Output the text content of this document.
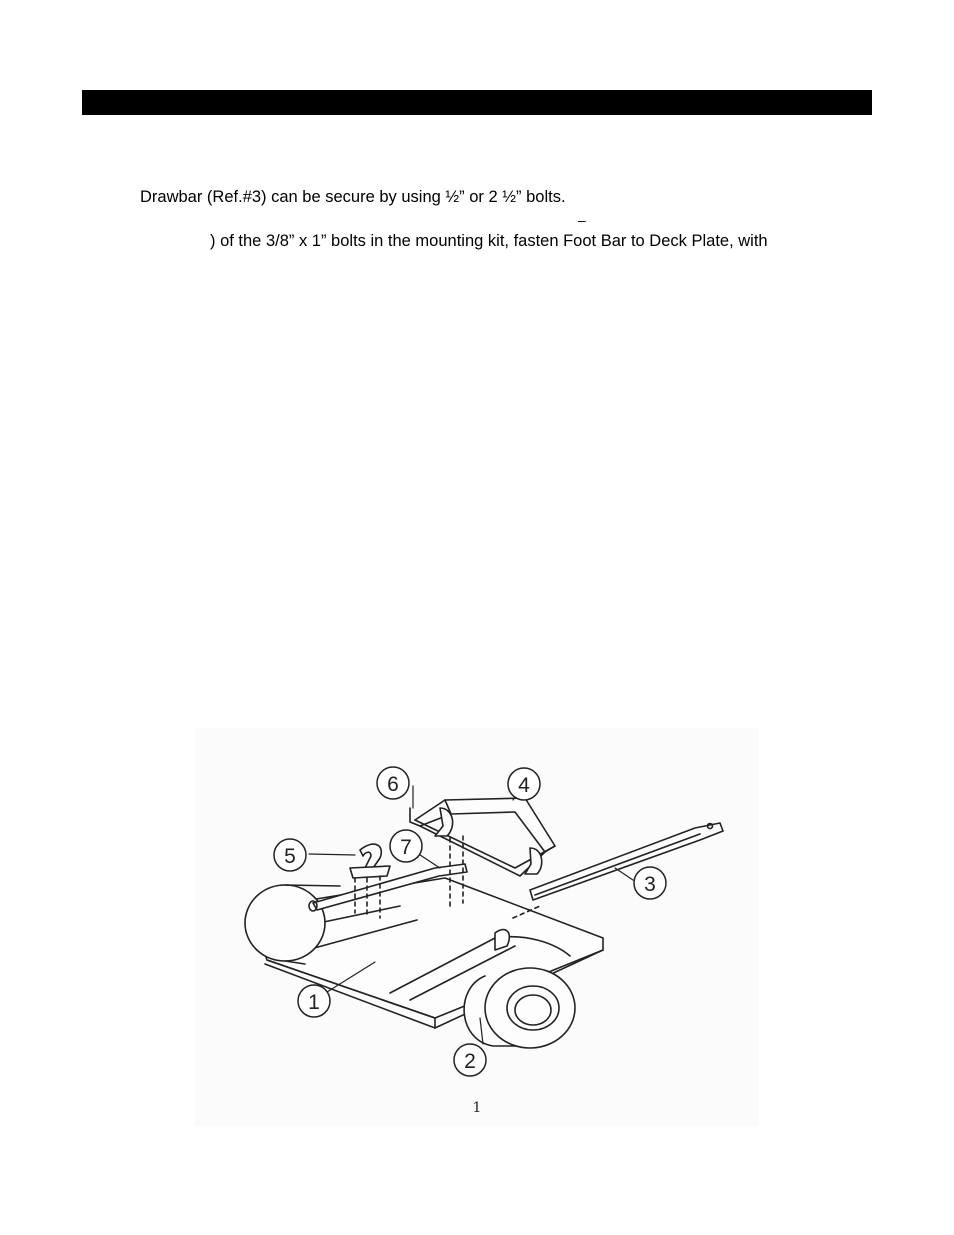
Drawbar (Ref.#3) can be secure by using ½” or 2 ½” bolts.
–
) of the 3/8” x 1” bolts in the mounting kit, fasten Foot Bar to Deck Plate, with
1
2
3
4
5
6
7
1
